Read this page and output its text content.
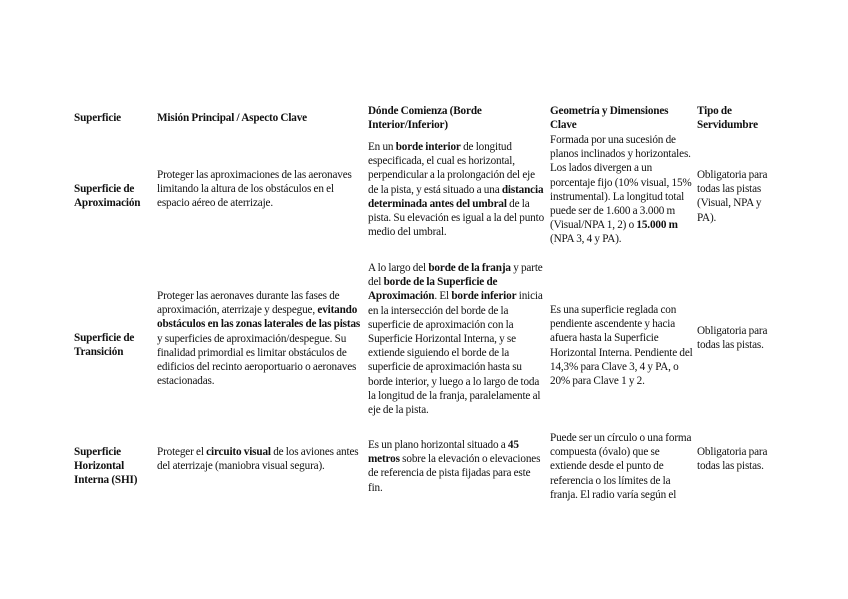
Superficie	Misión Principal / Aspecto Clave
Dónde Comienza (Borde Interior/Inferior)
Geometría y Dimensiones Clave
Tipo de Servidumbre
Superficie de Aproximación
Proteger las aproximaciones de las aeronaves limitando la altura de los obstáculos en el espacio aéreo de aterrizaje.
En un borde interior de longitud especificada, el cual es horizontal, perpendicular a la prolongación del eje de la pista, y está situado a una distancia determinada antes del umbral de la pista. Su elevación es igual a la del punto medio del umbral.
Formada por una sucesión de planos inclinados y horizontales. Los lados divergen a un porcentaje fijo (10% visual, 15% instrumental). La longitud total puede ser de 1.600 a 3.000 m (Visual/NPA 1, 2) o 15.000 m (NPA 3, 4 y PA).
Obligatoria para todas las pistas (Visual, NPA y PA).
Superficie de Transición
Proteger las aeronaves durante las fases de aproximación, aterrizaje y despegue, evitando obstáculos en las zonas laterales de las pistas y superficies de aproximación/despegue. Su finalidad primordial es limitar obstáculos de edificios del recinto aeroportuario o aeronaves estacionadas.
A lo largo del borde de la franja y parte del borde de la Superficie de Aproximación. El borde inferior inicia en la intersección del borde de la superficie de aproximación con la Superficie Horizontal Interna, y se extiende siguiendo el borde de la superficie de aproximación hasta su borde interior, y luego a lo largo de toda la longitud de la franja, paralelamente al eje de la pista.
Es una superficie reglada con pendiente ascendente y hacia afuera hasta la Superficie Horizontal Interna. Pendiente del 14,3% para Clave 3, 4 y PA, o 20% para Clave 1 y 2.
Obligatoria para todas las pistas.
Superficie Horizontal Interna (SHI)
Proteger el circuito visual de los aviones antes del aterrizaje (maniobra visual segura).
Es un plano horizontal situado a 45 metros sobre la elevación o elevaciones de referencia de pista fijadas para este fin.
Puede ser un círculo o una forma compuesta (óvalo) que se extiende desde el punto de referencia o los límites de la franja. El radio varía según el
Obligatoria para todas las pistas.
